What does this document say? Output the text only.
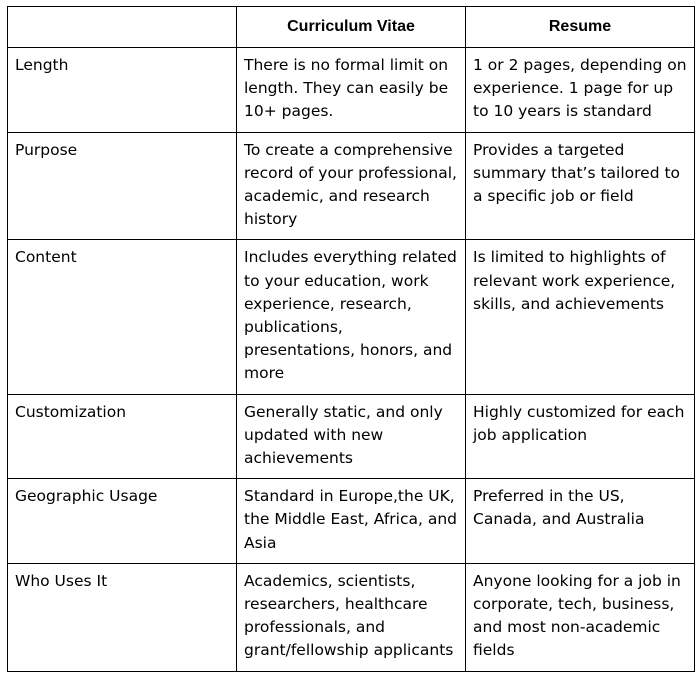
	Curriculum Vitae	Resume
Length	There is no formal limit on length. They can easily be 10+ pages.	1 or 2 pages, depending on experience. 1 page for up to 10 years is standard
Purpose	To create a comprehensive record of your professional, academic, and research history	Provides a targeted summary that’s tailored to a specific job or field
Content	Includes everything related to your education, work experience, research, publications, presentations, honors, and more	Is limited to highlights of relevant work experience, skills, and achievements
Customization	Generally static, and only updated with new achievements	Highly customized for each job application
Geographic Usage	Standard in Europe,the UK, the Middle East, Africa, and Asia	Preferred in the US, Canada, and Australia
Who Uses It	Academics, scientists, researchers, healthcare professionals, and grant/fellowship applicants	Anyone looking for a job in corporate, tech, business, and most non-academic fields
